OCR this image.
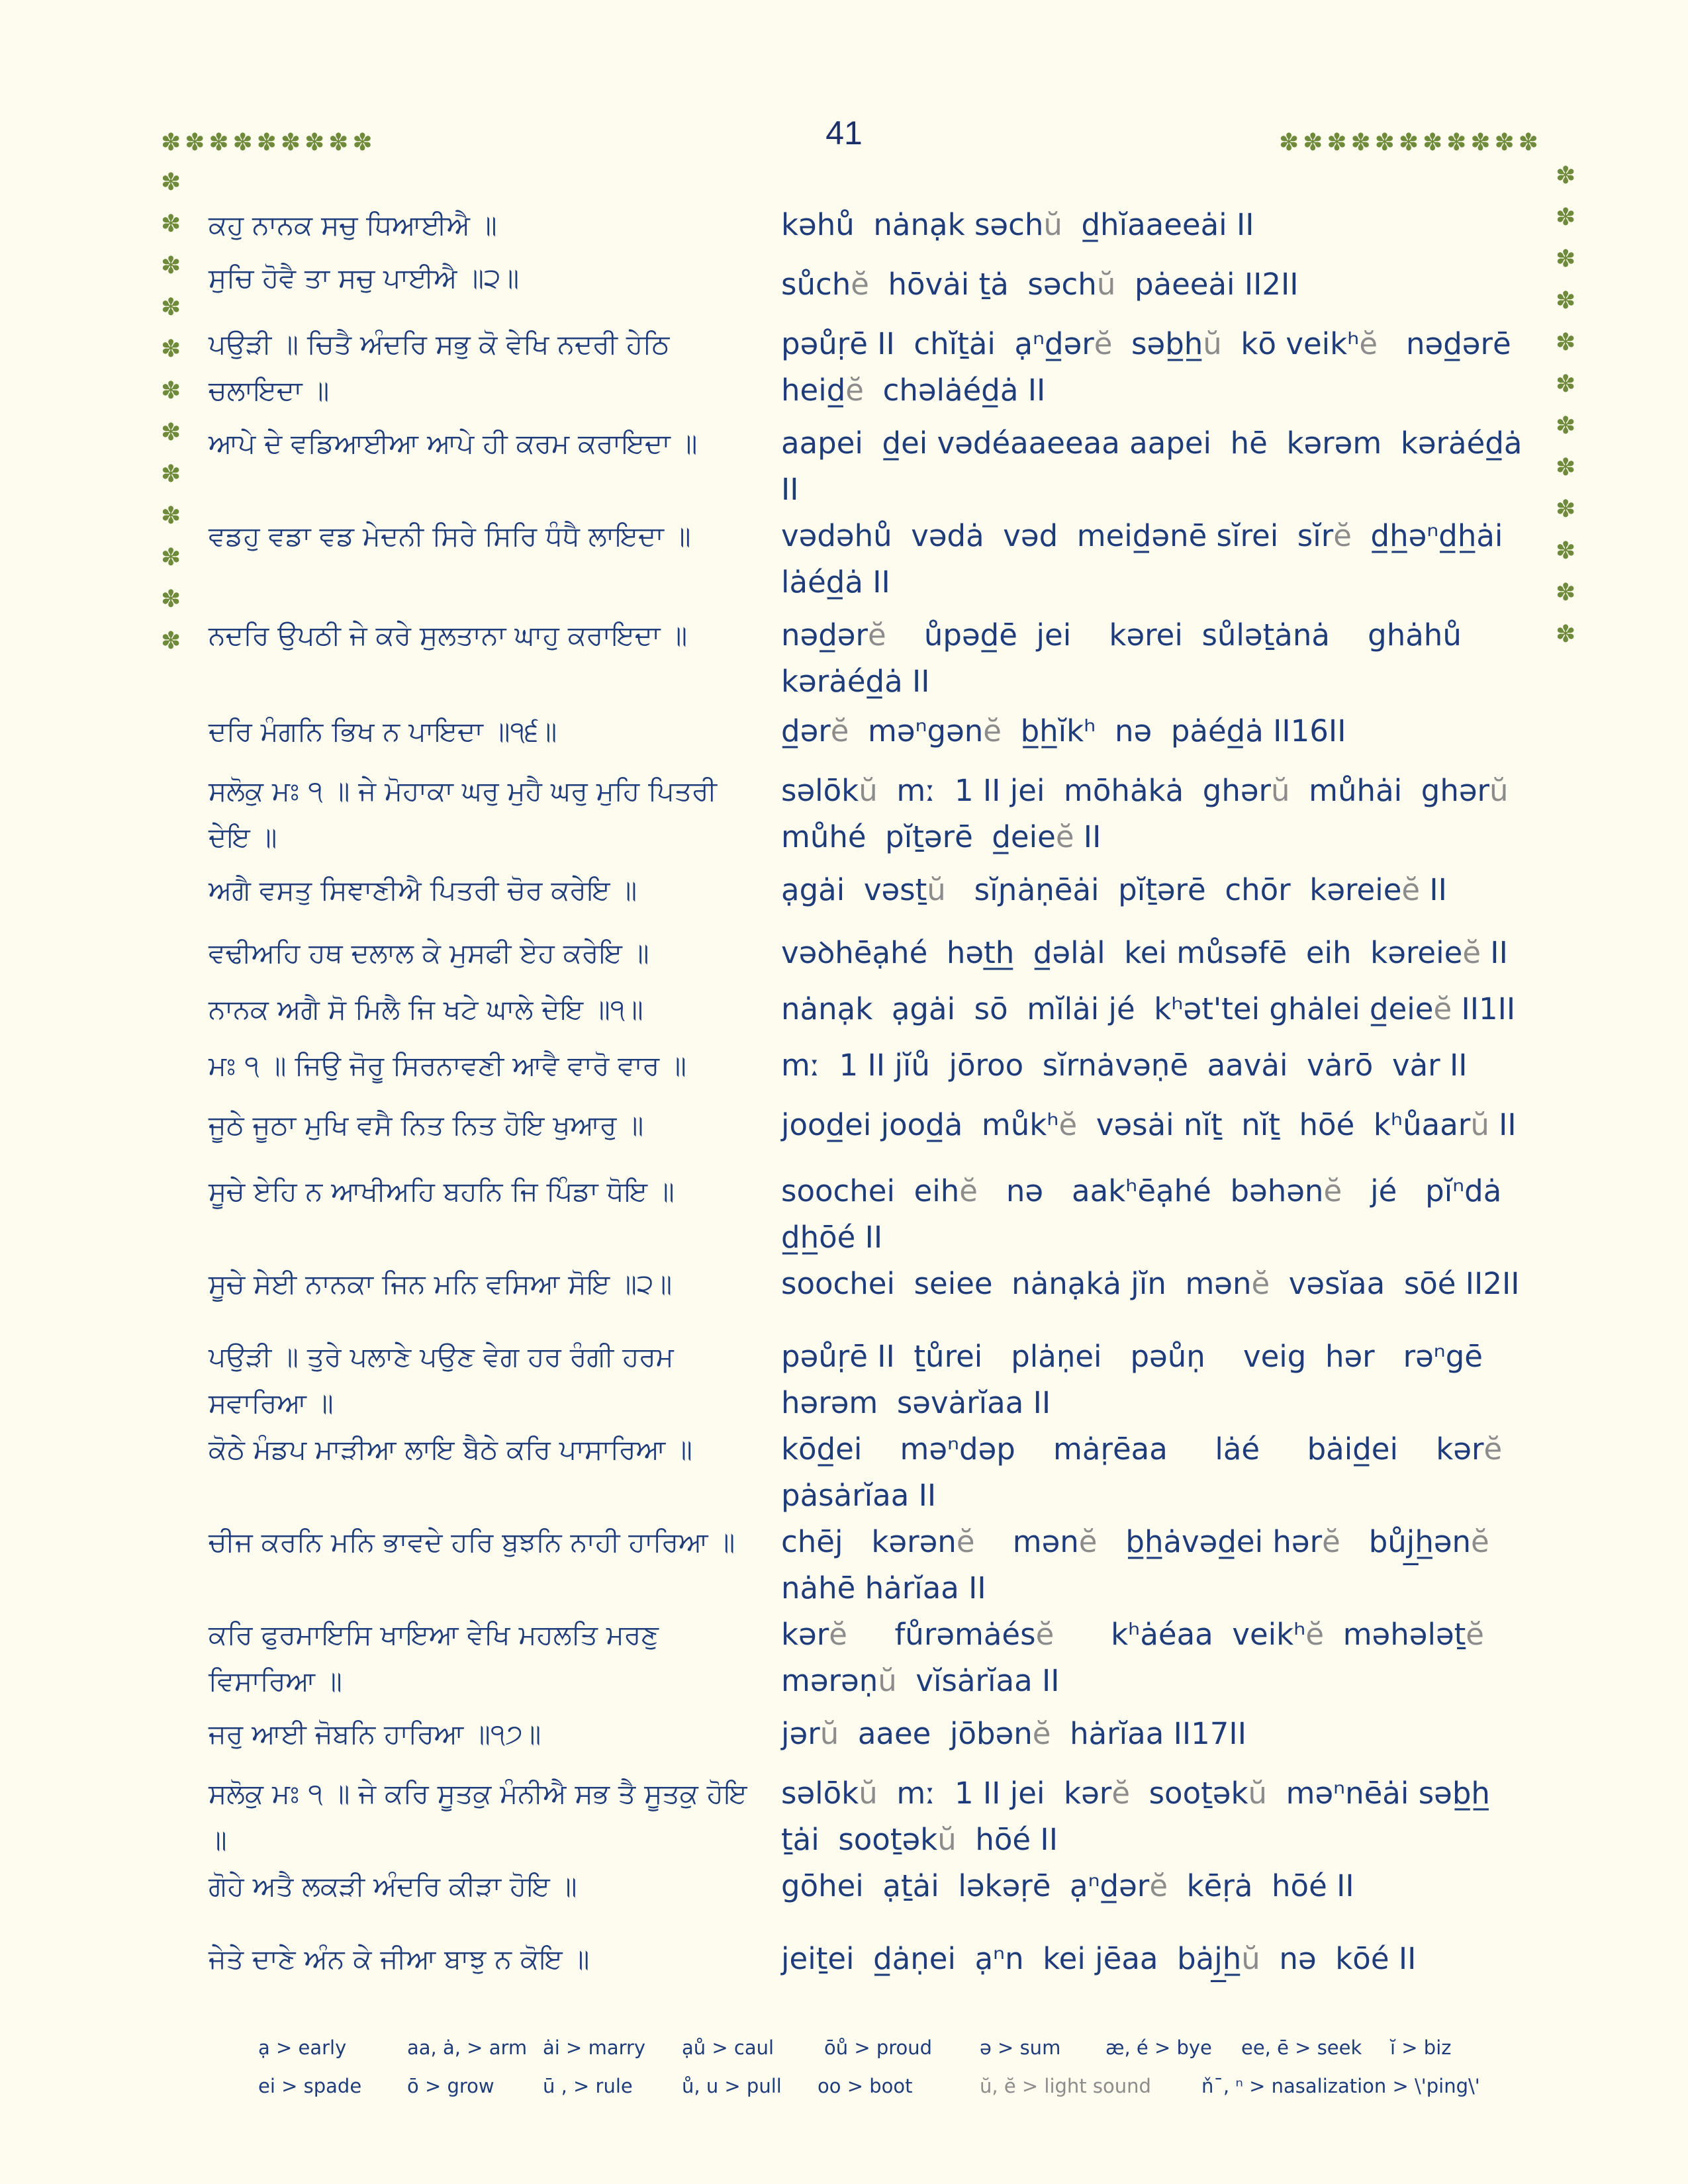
41
✽✽✽✽✽✽✽✽✽	✽✽✽✽✽✽✽✽✽✽✽
✽
✽
✽
✽
✽
✽
✽
✽
✽
✽
✽
✽
✽
✽
✽
✽
✽
✽
✽
✽
✽
✽
✽
✽
ਕਹੁ ਨਾਨਕ ਸਚੁ ਧਿਆਈਐ ॥	kəhů  nȧnạk səchŭ  d̲hĭaaeeȧi II
ਸੁਚਿ ਹੋਵੈ ਤਾ ਸਚੁ ਪਾਈਐ ॥੨॥	sůchĕ  hōvȧi ṯȧ  səchŭ  pȧeeȧi II2II
ਪਉੜੀ ॥ ਚਿਤੈ ਅੰਦਰਿ ਸਭੁ ਕੋ ਵੇਖਿ ਨਦਰੀ ਹੇਠਿ ਚਲਾਇਦਾ ॥
pəůṛē II  chĭṯȧi  ạⁿd̲ərĕ  səb̲h̲ŭ  kō veikʰĕ   nəd̲ərē heid̲ĕ  chəlȧéd̲ȧ II
ਆਪੇ ਦੇ ਵਡਿਆਈਆ ਆਪੇ ਹੀ ਕਰਮ ਕਰਾਇਦਾ ॥	aapei  d̲ei vədéaaeeaa aapei  hē  kərəm  kərȧéd̲ȧ II
ਵਡਹੁ ਵਡਾ ਵਡ ਮੇਦਨੀ ਸਿਰੇ ਸਿਰਿ ਧੰਧੈ ਲਾਇਦਾ ॥	vədəhů  vədȧ  vəd  meid̲ənē sĭrei  sĭrĕ  d̲h̲əⁿd̲h̲ȧi lȧéd̲ȧ II
ਨਦਰਿ ਉਪਠੀ ਜੇ ਕਰੇ ਸੁਲਤਾਨਾ ਘਾਹੁ ਕਰਾਇਦਾ ॥	nəd̲ərĕ    ůpəd̲ē  jei    kərei  sůləṯȧnȧ    ghȧhů kərȧéd̲ȧ II
ਦਰਿ ਮੰਗਨਿ ਭਿਖ ਨ ਪਾਇਦਾ ॥੧੬॥	d̲ərĕ  məⁿgənĕ  b̲h̲ĭkʰ  nə  pȧéd̲ȧ II16II
ਸਲੋਕੁ ਮਃ ੧ ॥ ਜੇ ਮੋਹਾਕਾ ਘਰੁ ਮੁਹੈ ਘਰੁ ਮੁਹਿ ਪਿਤਰੀ ਦੇਇ ॥
səlōkŭ  mː  1 II jei  mōhȧkȧ  ghərŭ  můhȧi  ghərŭ můhé  pĭṯərē  d̲eieĕ II
ਅਗੈ ਵਸਤੁ ਸਿਞਾਣੀਐ ਪਿਤਰੀ ਚੋਰ ਕਰੇਇ ॥	ạgȧi  vəsṯŭ   sĭɲȧṇēȧi  pĭṯərē  chōr  kəreieĕ II
ਵਢੀਅਹਿ ਹਥ ਦਲਾਲ ਕੇ ਮੁਸਫੀ ਏਹ ਕਰੇਇ ॥	vəꝺhēạhé  hət̲h̲  d̲əlȧl  kei můsəfē  eih  kəreieĕ II
ਨਾਨਕ ਅਗੈ ਸੋ ਮਿਲੈ ਜਿ ਖਟੇ ਘਾਲੇ ਦੇਇ ॥੧॥	nȧnạk  ạgȧi  sō  mĭlȧi jé  kʰət'tei ghȧlei d̲eieĕ II1II
ਮਃ ੧ ॥ ਜਿਉ ਜੋਰੂ ਸਿਰਨਾਵਣੀ ਆਵੈ ਵਾਰੋ ਵਾਰ ॥	mː  1 II jĭů  jōroo  sĭrnȧvəṇē  aavȧi  vȧrō  vȧr II
ਜੂਠੇ ਜੂਠਾ ਮੁਖਿ ਵਸੈ ਨਿਤ ਨਿਤ ਹੋਇ ਖੁਆਰੁ ॥	jood̲ei jood̲ȧ  můkʰĕ  vəsȧi nĭṯ  nĭṯ  hōé  kʰůaarŭ II
ਸੂਚੇ ਏਹਿ ਨ ਆਖੀਅਹਿ ਬਹਨਿ ਜਿ ਪਿੰਡਾ ਧੋਇ ॥	soochei  eihĕ   nə   aakʰēạhé  bəhənĕ   jé   pĭⁿdȧ d̲h̲ōé II
ਸੂਚੇ ਸੇਈ ਨਾਨਕਾ ਜਿਨ ਮਨਿ ਵਸਿਆ ਸੋਇ ॥੨॥	soochei  seiee  nȧnạkȧ jĭn  mənĕ  vəsĭaa  sōé II2II
ਪਉੜੀ ॥ ਤੁਰੇ ਪਲਾਣੇ ਪਉਣ ਵੇਗ ਹਰ ਰੰਗੀ ਹਰਮ ਸਵਾਰਿਆ ॥
pəůṛē II  ṯůrei   plȧṇei   pəůṇ    veig  hər   rəⁿgē hərəm  səvȧrĭaa II
ਕੋਠੇ ਮੰਡਪ ਮਾੜੀਆ ਲਾਇ ਬੈਠੇ ਕਰਿ ਪਾਸਾਰਿਆ ॥	kōd̲ei    məⁿdəp    mȧṛēaa     lȧé     bȧid̲ei    kərĕ pȧsȧrĭaa II
ਚੀਜ ਕਰਨਿ ਮਨਿ ਭਾਵਦੇ ਹਰਿ ਬੁਝਨਿ ਨਾਹੀ ਹਾਰਿਆ ॥	chēj   kərənĕ    mənĕ   b̲h̲ȧvəd̲ei hərĕ   bůj̲h̲ənĕ nȧhē hȧrĭaa II
ਕਰਿ ਫੁਰਮਾਇਸਿ ਖਾਇਆ ਵੇਖਿ ਮਹਲਤਿ ਮਰਣੁ ਵਿਸਾਰਿਆ ॥
kərĕ     fůrəmȧésĕ      kʰȧéaa  veikʰĕ  məhələṯĕ mərəṇŭ  vĭsȧrĭaa II
ਜਰੁ ਆਈ ਜੋਬਨਿ ਹਾਰਿਆ ॥੧੭॥	jərŭ  aaee  jōbənĕ  hȧrĭaa II17II
ਸਲੋਕੁ ਮਃ ੧ ॥ ਜੇ ਕਰਿ ਸੂਤਕੁ ਮੰਨੀਐ ਸਭ ਤੈ ਸੂਤਕੁ ਹੋਇ ॥
səlōkŭ  mː  1 II jei  kərĕ  sooṯəkŭ  məⁿnēȧi səb̲h̲ ṯȧi  sooṯəkŭ  hōé II
ਗੋਹੇ ਅਤੈ ਲਕੜੀ ਅੰਦਰਿ ਕੀੜਾ ਹੋਇ ॥	gōhei  ạṯȧi  ləkəṛē  ạⁿd̲ərĕ  kēṛȧ  hōé II
ਜੇਤੇ ਦਾਣੇ ਅੰਨ ਕੇ ਜੀਆ ਬਾਝੁ ਨ ਕੋਇ ॥	jeiṯei  d̲ȧṇei  ạⁿn  kei jēaa  bȧj̲h̲ŭ  nə  kōé II
ạ > early	aa, ȧ, > arm ȧi > marry ạů > caul	ōů > proud ə > sum æ, é > bye ee, ē > seek ĭ > biz
ei > spade ō > grow	ū , > rule	ů, u > pull oo > boot	ŭ, ĕ > light sound	ňˉ, ⁿ > nasalization > \'ping\'
